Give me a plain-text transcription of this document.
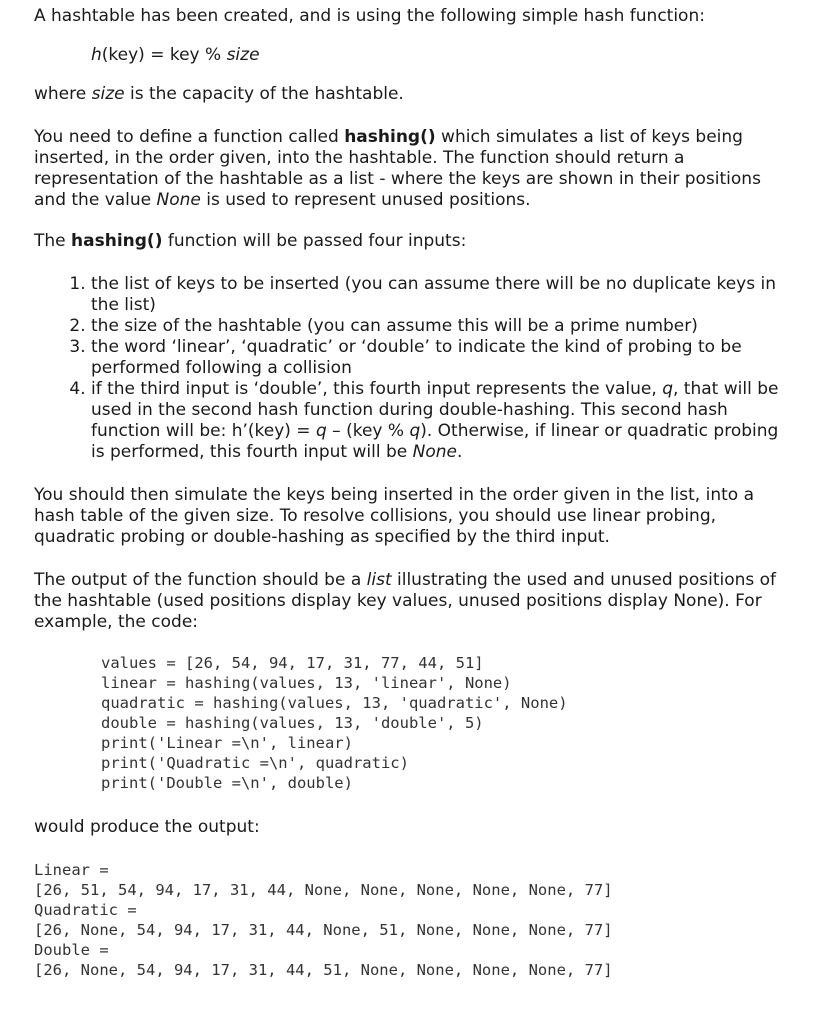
A hashtable has been created, and is using the following simple hash function:

h(key) = key % size

where size is the capacity of the hashtable.

You need to define a function called hashing() which simulates a list of keys being inserted, in the order given, into the hashtable. The function should return a representation of the hashtable as a list - where the keys are shown in their positions and the value None is used to represent unused positions.

The hashing() function will be passed four inputs:

1. the list of keys to be inserted (you can assume there will be no duplicate keys in the list)
2. the size of the hashtable (you can assume this will be a prime number)
3. the word ‘linear’, ‘quadratic’ or ‘double’ to indicate the kind of probing to be performed following a collision
4. if the third input is ‘double’, this fourth input represents the value, q, that will be used in the second hash function during double-hashing. This second hash function will be: h’(key) = q – (key % q). Otherwise, if linear or quadratic probing is performed, this fourth input will be None.

You should then simulate the keys being inserted in the order given in the list, into a hash table of the given size. To resolve collisions, you should use linear probing, quadratic probing or double-hashing as specified by the third input.

The output of the function should be a list illustrating the used and unused positions of the hashtable (used positions display key values, unused positions display None). For example, the code:

values = [26, 54, 94, 17, 31, 77, 44, 51]
linear = hashing(values, 13, 'linear', None)
quadratic = hashing(values, 13, 'quadratic', None)
double = hashing(values, 13, 'double', 5)
print('Linear =\n', linear)
print('Quadratic =\n', quadratic)
print('Double =\n', double)

would produce the output:

Linear =
[26, 51, 54, 94, 17, 31, 44, None, None, None, None, None, 77]
Quadratic =
[26, None, 54, 94, 17, 31, 44, None, 51, None, None, None, 77]
Double =
[26, None, 54, 94, 17, 31, 44, 51, None, None, None, None, 77]
